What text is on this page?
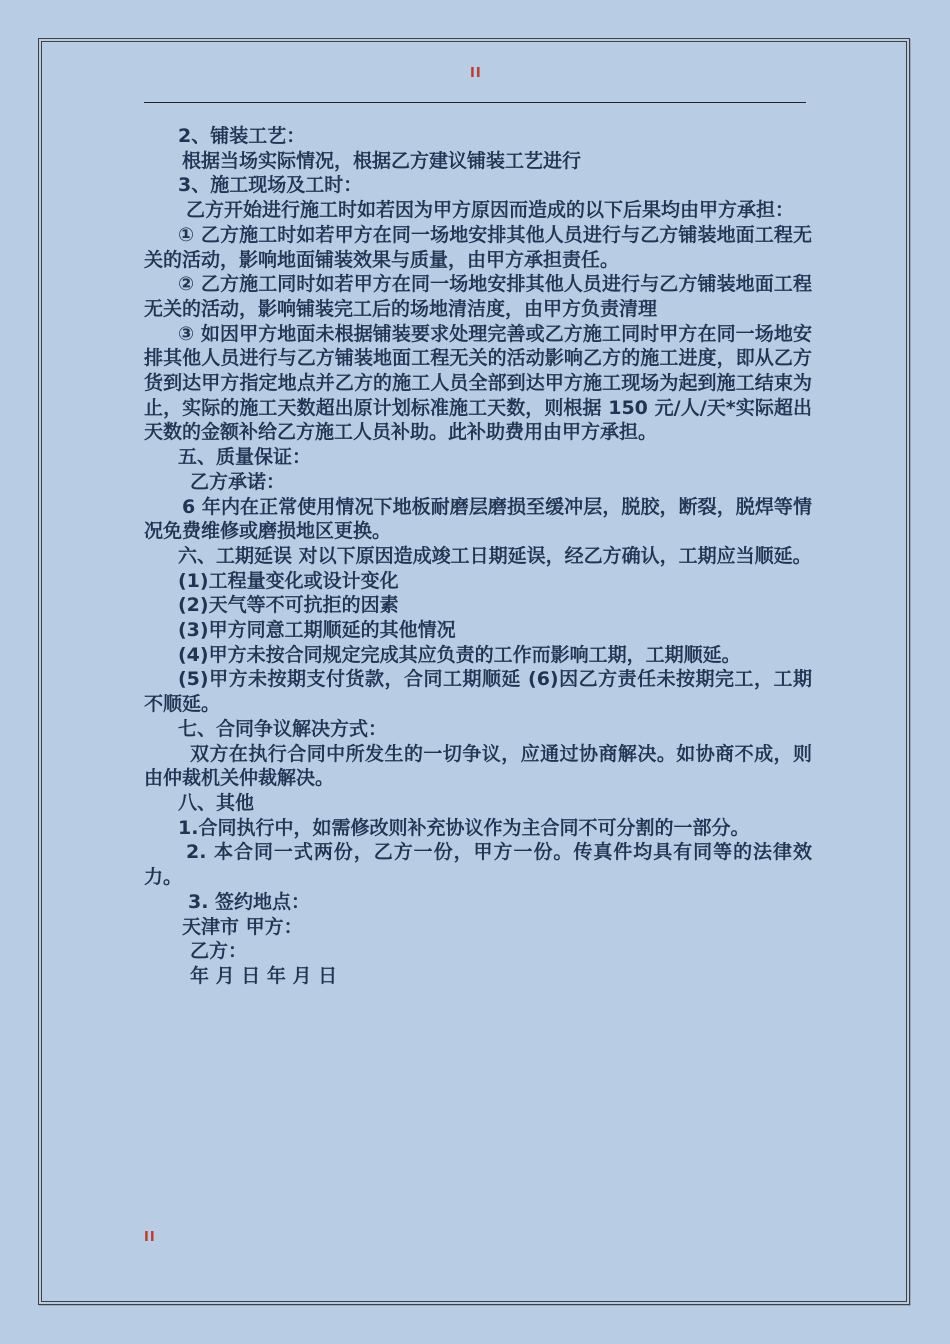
II

2、铺装工艺：

根据当场实际情况，根据乙方建议铺装工艺进行

3、施工现场及工时：

乙方开始进行施工时如若因为甲方原因而造成的以下后果均由甲方承担：

① 乙方施工时如若甲方在同一场地安排其他人员进行与乙方铺装地面工程无关的活动，影响地面铺装效果与质量，由甲方承担责任。

② 乙方施工同时如若甲方在同一场地安排其他人员进行与乙方铺装地面工程无关的活动，影响铺装完工后的场地清洁度，由甲方负责清理

③ 如因甲方地面未根据铺装要求处理完善或乙方施工同时甲方在同一场地安排其他人员进行与乙方铺装地面工程无关的活动影响乙方的施工进度，即从乙方货到达甲方指定地点并乙方的施工人员全部到达甲方施工现场为起到施工结束为止，实际的施工天数超出原计划标准施工天数，则根据 150 元/人/天*实际超出天数的金额补给乙方施工人员补助。此补助费用由甲方承担。

五、质量保证：

乙方承诺：

6 年内在正常使用情况下地板耐磨层磨损至缓冲层，脱胶，断裂，脱焊等情况免费维修或磨损地区更换。

六、工期延误 对以下原因造成竣工日期延误，经乙方确认，工期应当顺延。

(1)工程量变化或设计变化

(2)天气等不可抗拒的因素

(3)甲方同意工期顺延的其他情况

(4)甲方未按合同规定完成其应负责的工作而影响工期，工期顺延。

(5)甲方未按期支付货款，合同工期顺延 (6)因乙方责任未按期完工，工期不顺延。

七、合同争议解决方式：

双方在执行合同中所发生的一切争议，应通过协商解决。如协商不成，则由仲裁机关仲裁解决。

八、其他

1.合同执行中，如需修改则补充协议作为主合同不可分割的一部分。

2. 本合同一式两份，乙方一份，甲方一份。传真件均具有同等的法律效力。

3. 签约地点：

天津市 甲方：

乙方：

年 月 日 年 月 日

II
